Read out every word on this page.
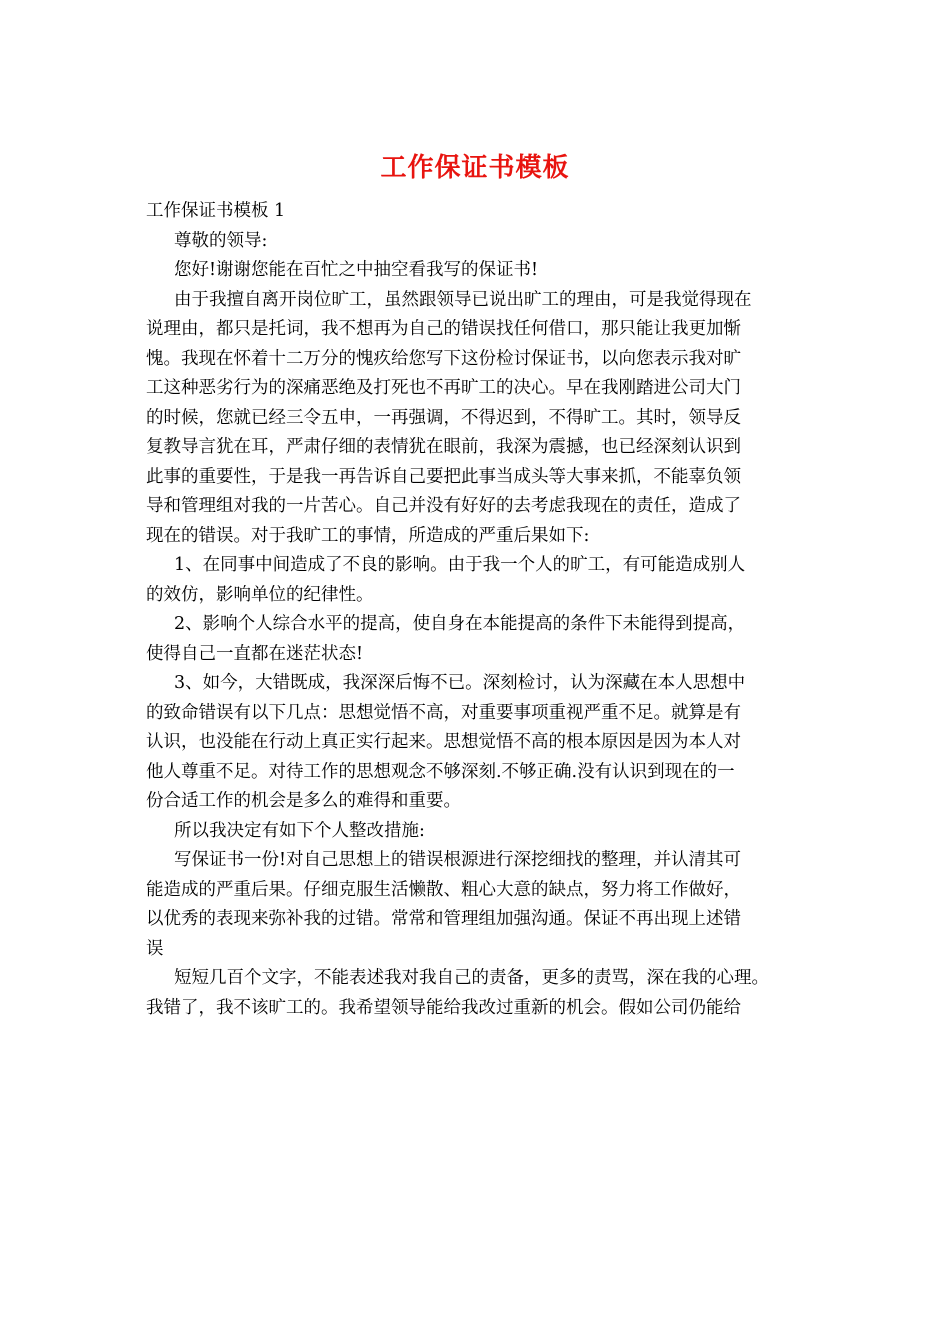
工作保证书模板
工作保证书模板 1
尊敬的领导:
您好!谢谢您能在百忙之中抽空看我写的保证书!
由于我擅自离开岗位旷工，虽然跟领导已说出旷工的理由，可是我觉得现在
说理由，都只是托词，我不想再为自己的错误找任何借口，那只能让我更加惭
愧。我现在怀着十二万分的愧疚给您写下这份检讨保证书，以向您表示我对旷
工这种恶劣行为的深痛恶绝及打死也不再旷工的决心。早在我刚踏进公司大门
的时候，您就已经三令五申，一再强调，不得迟到，不得旷工。其时，领导反
复教导言犹在耳，严肃仔细的表情犹在眼前，我深为震撼，也已经深刻认识到
此事的重要性，于是我一再告诉自己要把此事当成头等大事来抓，不能辜负领
导和管理组对我的一片苦心。自己并没有好好的去考虑我现在的责任，造成了
现在的错误。对于我旷工的事情，所造成的严重后果如下:
1、在同事中间造成了不良的影响。由于我一个人的旷工，有可能造成别人
的效仿，影响单位的纪律性。
2、影响个人综合水平的提高，使自身在本能提高的条件下未能得到提高，
使得自己一直都在迷茫状态!
3、如今，大错既成，我深深后悔不已。深刻检讨，认为深藏在本人思想中
的致命错误有以下几点：思想觉悟不高，对重要事项重视严重不足。就算是有
认识，也没能在行动上真正实行起来。思想觉悟不高的根本原因是因为本人对
他人尊重不足。对待工作的思想观念不够深刻.不够正确.没有认识到现在的一
份合适工作的机会是多么的难得和重要。
所以我决定有如下个人整改措施:
写保证书一份!对自己思想上的错误根源进行深挖细找的整理，并认清其可
能造成的严重后果。仔细克服生活懒散、粗心大意的缺点，努力将工作做好，
以优秀的表现来弥补我的过错。常常和管理组加强沟通。保证不再出现上述错
误
短短几百个文字，不能表述我对我自己的责备，更多的责骂，深在我的心理。
我错了，我不该旷工的。我希望领导能给我改过重新的机会。假如公司仍能给
